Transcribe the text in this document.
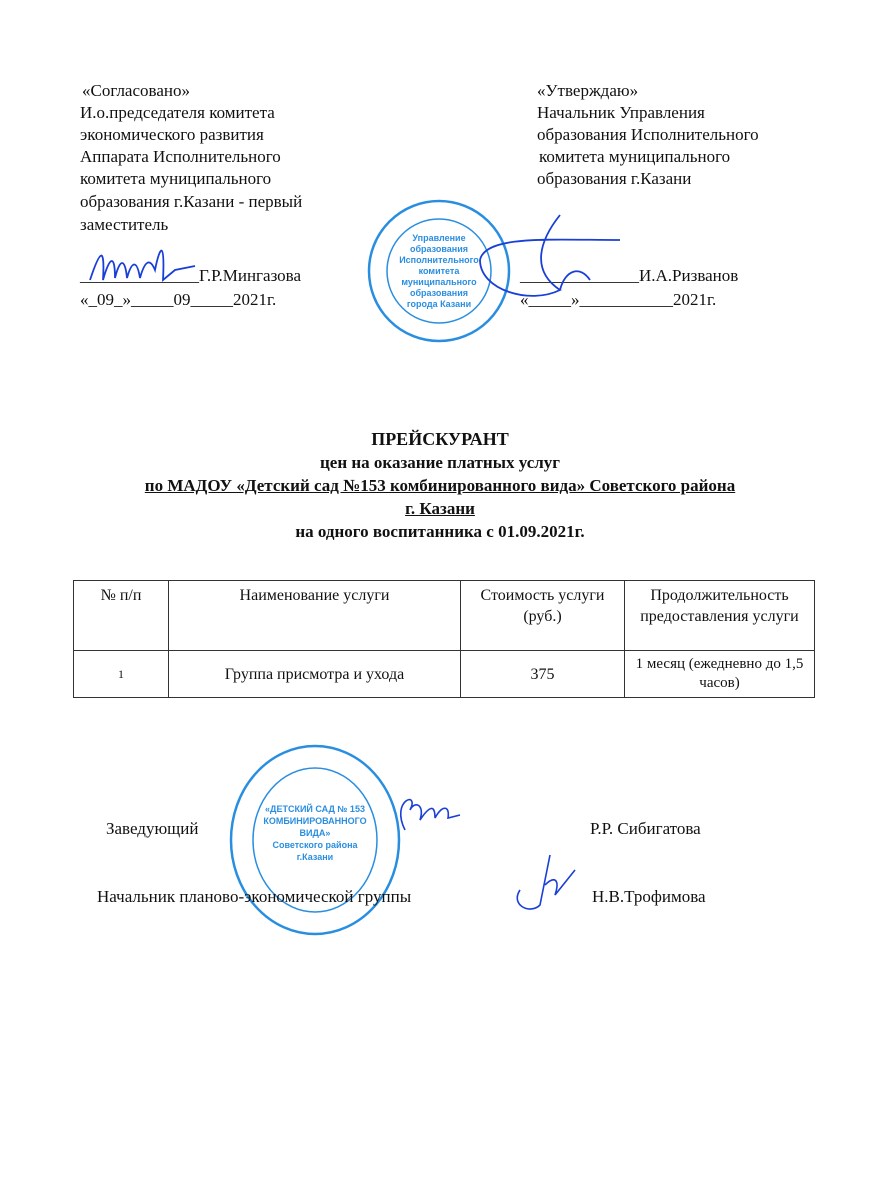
«Согласовано»
И.о.председателя комитета
экономического развития
Аппарата Исполнительного
комитета муниципального
образования г.Казани - первый
заместитель
______________Г.Р.Мингазова
«_09_»_____09_____2021г.
«Утверждаю»
Начальник Управления
образования Исполнительного
комитета муниципального
образования г.Казани
______________И.А.Ризванов
«_____»___________2021г.
Управление
образования
Исполнительного
комитета
муниципального
образования
города Казани
ПРЕЙСКУРАНТ
цен на оказание платных услуг
по МАДОУ «Детский сад №153 комбинированного вида» Советского района
г. Казани
на одного воспитанника с 01.09.2021г.
№ п/п	Наименование услуги	Стоимость услуги (руб.)	Продолжительность предоставления услуги
1	Группа присмотра и ухода	375	1 месяц (ежедневно до 1,5 часов)
«ДЕТСКИЙ САД № 153
КОМБИНИРОВАННОГО
ВИДА»
Советского района
г.Казани
Заведующий	Р.Р. Сибигатова
Начальник планово-экономической группы	Н.В.Трофимова
